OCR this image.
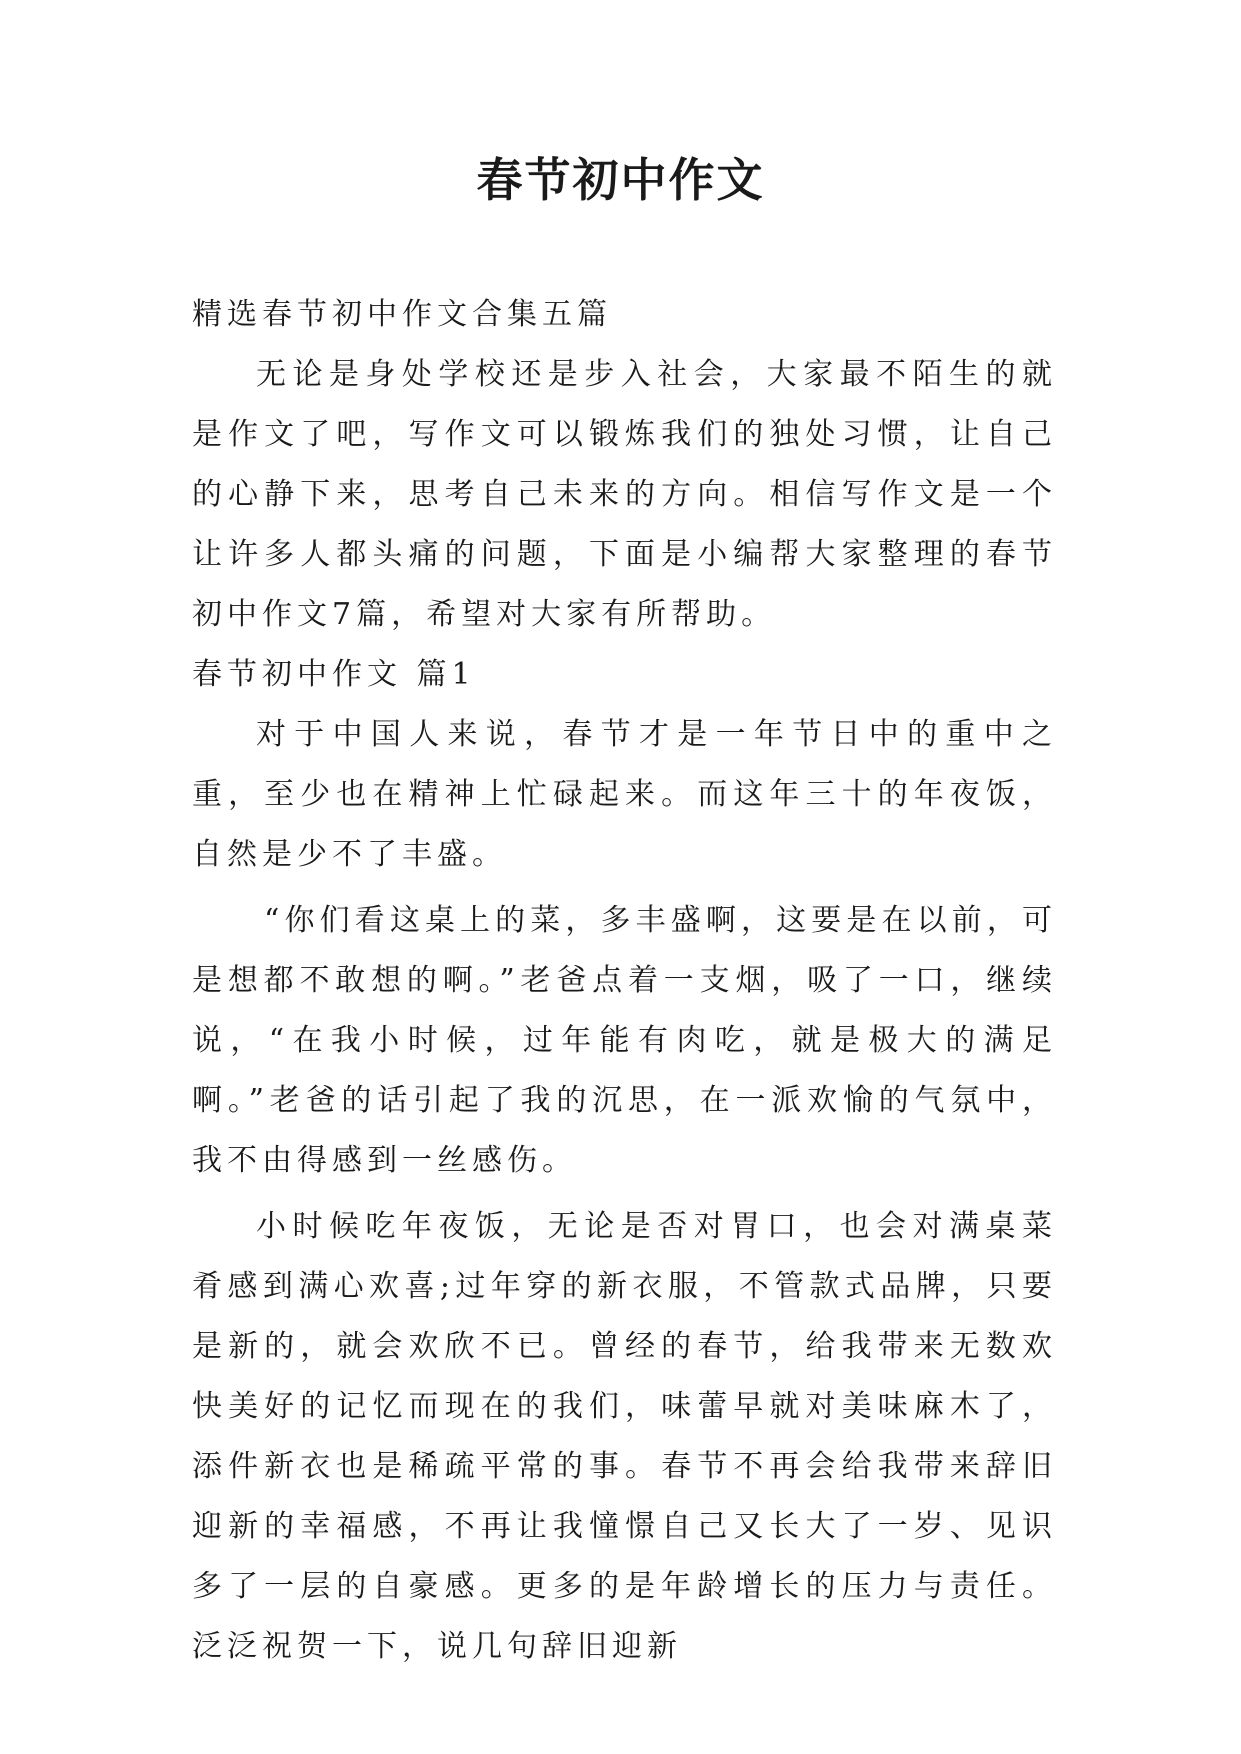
春节初中作文

精选春节初中作文合集五篇

无论是身处学校还是步入社会，大家最不陌生的就是作文了吧，写作文可以锻炼我们的独处习惯，让自己的心静下来，思考自己未来的方向。相信写作文是一个让许多人都头痛的问题，下面是小编帮大家整理的春节初中作文7篇，希望对大家有所帮助。

春节初中作文 篇1

对于中国人来说，春节才是一年节日中的重中之重，至少也在精神上忙碌起来。而这年三十的年夜饭，自然是少不了丰盛。

“你们看这桌上的菜，多丰盛啊，这要是在以前，可是想都不敢想的啊。”老爸点着一支烟，吸了一口，继续说，“在我小时候，过年能有肉吃，就是极大的满足啊。”老爸的话引起了我的沉思，在一派欢愉的气氛中，我不由得感到一丝感伤。

小时候吃年夜饭，无论是否对胃口，也会对满桌菜肴感到满心欢喜;过年穿的新衣服，不管款式品牌，只要是新的，就会欢欣不已。曾经的春节，给我带来无数欢快美好的记忆而现在的我们，味蕾早就对美味麻木了，添件新衣也是稀疏平常的事。春节不再会给我带来辞旧迎新的幸福感，不再让我憧憬自己又长大了一岁、见识多了一层的自豪感。更多的是年龄增长的压力与责任。泛泛祝贺一下，说几句辞旧迎新
